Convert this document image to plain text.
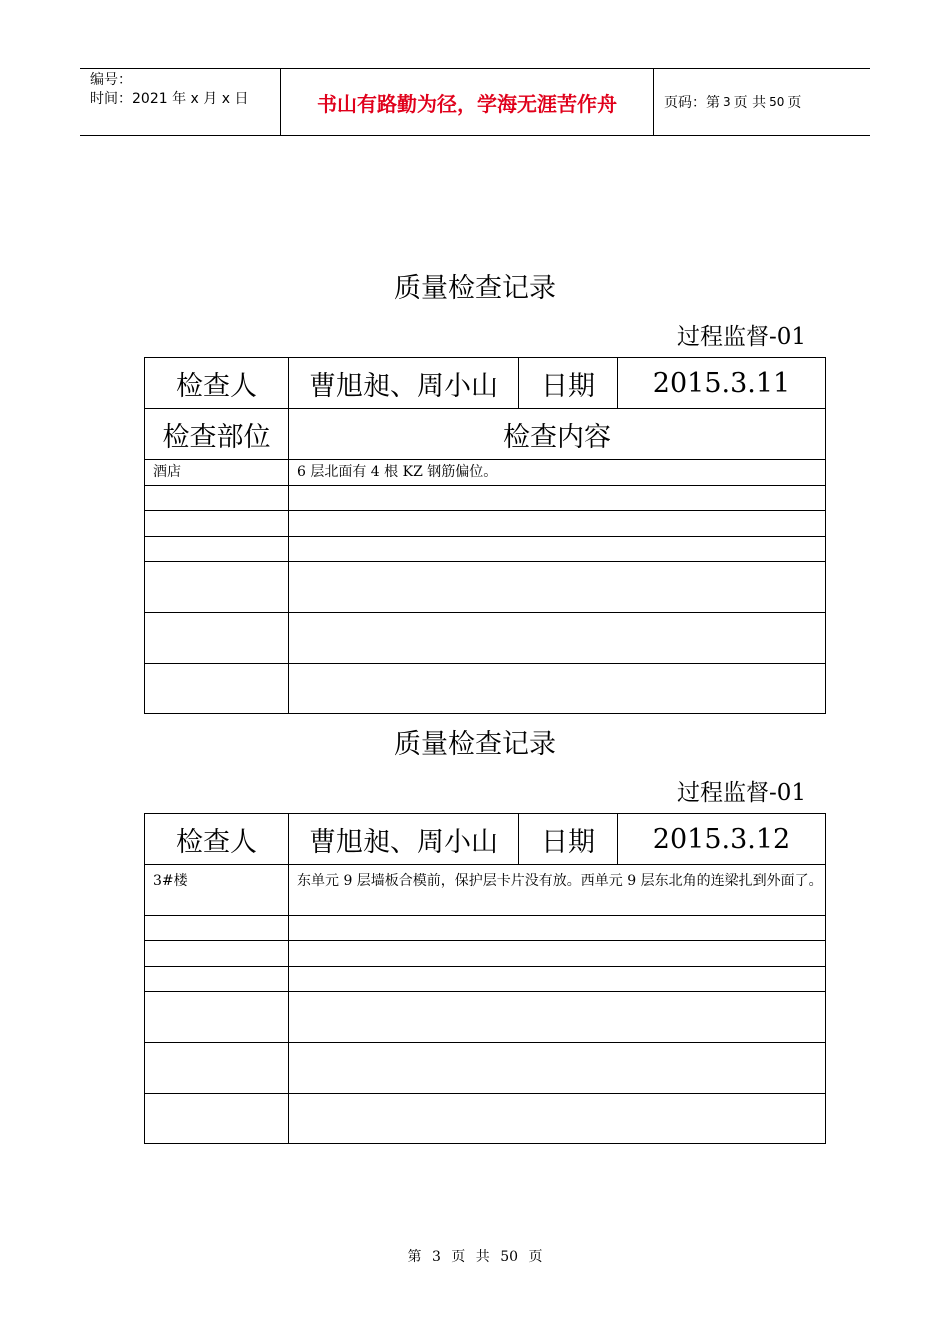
编号：
时间：2021 年 x 月 x 日	书山有路勤为径，学海无涯苦作舟	页码：第 3 页 共 50 页
质量检查记录
过程监督-01
检查人	曹旭昶、周小山	日期	2015.3.11
检查部位	检查内容		
酒店	6 层北面有 4 根 KZ 钢筋偏位。		

质量检查记录
过程监督-01
检查人	曹旭昶、周小山	日期	2015.3.12
3#楼	东单元 9 层墙板合模前，保护层卡片没有放。西单元 9 层东北角的连梁扎到外面了。		

第 3 页 共 50 页
